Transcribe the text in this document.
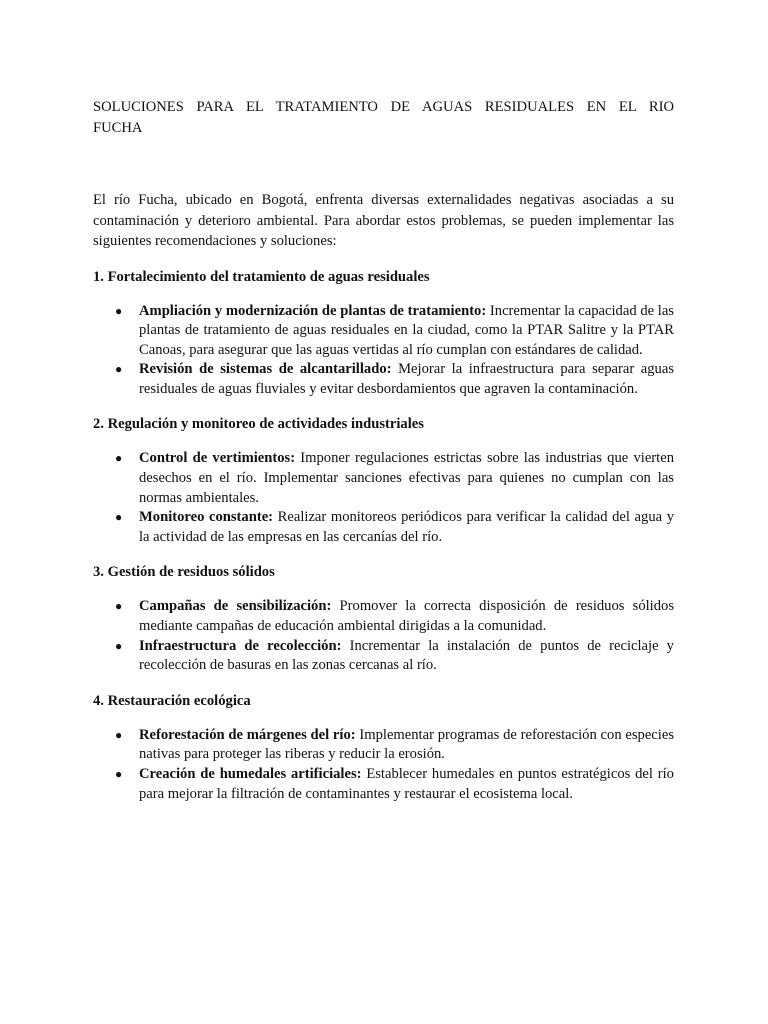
SOLUCIONES PARA EL TRATAMIENTO DE AGUAS RESIDUALES EN EL RIO FUCHA

El río Fucha, ubicado en Bogotá, enfrenta diversas externalidades negativas asociadas a su contaminación y deterioro ambiental. Para abordar estos problemas, se pueden implementar las siguientes recomendaciones y soluciones:

1. Fortalecimiento del tratamiento de aguas residuales
● Ampliación y modernización de plantas de tratamiento: Incrementar la capacidad de las plantas de tratamiento de aguas residuales en la ciudad, como la PTAR Salitre y la PTAR Canoas, para asegurar que las aguas vertidas al río cumplan con estándares de calidad.
● Revisión de sistemas de alcantarillado: Mejorar la infraestructura para separar aguas residuales de aguas fluviales y evitar desbordamientos que agraven la contaminación.
2. Regulación y monitoreo de actividades industriales
● Control de vertimientos: Imponer regulaciones estrictas sobre las industrias que vierten desechos en el río. Implementar sanciones efectivas para quienes no cumplan con las normas ambientales.
● Monitoreo constante: Realizar monitoreos periódicos para verificar la calidad del agua y la actividad de las empresas en las cercanías del río.
3. Gestión de residuos sólidos
● Campañas de sensibilización: Promover la correcta disposición de residuos sólidos mediante campañas de educación ambiental dirigidas a la comunidad.
● Infraestructura de recolección: Incrementar la instalación de puntos de reciclaje y recolección de basuras en las zonas cercanas al río.
4. Restauración ecológica
● Reforestación de márgenes del río: Implementar programas de reforestación con especies nativas para proteger las riberas y reducir la erosión.
● Creación de humedales artificiales: Establecer humedales en puntos estratégicos del río para mejorar la filtración de contaminantes y restaurar el ecosistema local.
